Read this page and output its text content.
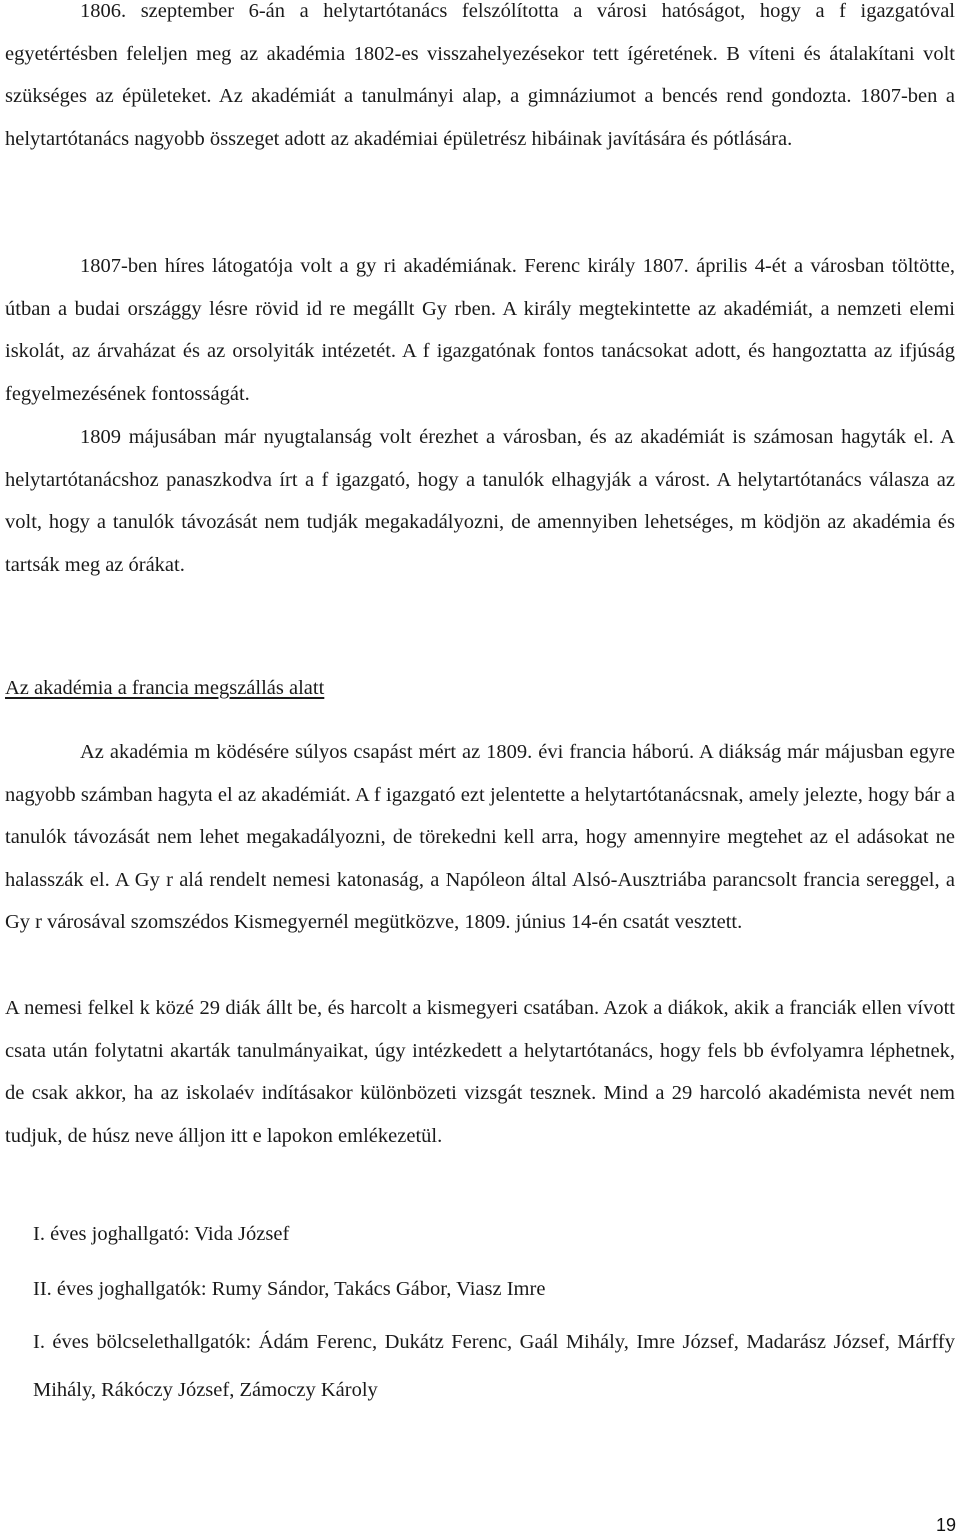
1806. szeptember 6-án a helytartótanács felszólította a városi hatóságot, hogy a f igazgatóval egyetértésben feleljen meg az akadémia 1802-es visszahelyezésekor tett ígéretének. B víteni és átalakítani volt szükséges az épületeket. Az akadémiát a tanulmányi alap, a gimnáziumot a bencés rend gondozta. 1807-ben a helytartótanács nagyobb összeget adott az akadémiai épületrész hibáinak javítására és pótlására.

1807-ben híres látogatója volt a gy ri akadémiának. Ferenc király 1807. április 4-ét a városban töltötte, útban a budai országgy lésre rövid id re megállt Gy rben. A király megtekintette az akadémiát, a nemzeti elemi iskolát, az árvaházat és az orsolyiták intézetét. A f igazgatónak fontos tanácsokat adott, és hangoztatta az ifjúság fegyelmezésének fontosságát.

1809 májusában már nyugtalanság volt érezhet a városban, és az akadémiát is számosan hagyták el. A helytartótanácshoz panaszkodva írt a f igazgató, hogy a tanulók elhagyják a várost. A helytartótanács válasza az volt, hogy a tanulók távozását nem tudják megakadályozni, de amennyiben lehetséges, m ködjön az akadémia és tartsák meg az órákat.

Az akadémia a francia megszállás alatt

Az akadémia m ködésére súlyos csapást mért az 1809. évi francia háború. A diákság már májusban egyre nagyobb számban hagyta el az akadémiát. A f igazgató ezt jelentette a helytartótanácsnak, amely jelezte, hogy bár a tanulók távozását nem lehet megakadályozni, de törekedni kell arra, hogy amennyire megtehet az el adásokat ne halasszák el. A Gy r alá rendelt nemesi katonaság, a Napóleon által Alsó-Ausztriába parancsolt francia sereggel, a Gy r városával szomszédos Kismegyernél megütközve, 1809. június 14-én csatát vesztett.

A nemesi felkel k közé 29 diák állt be, és harcolt a kismegyeri csatában. Azok a diákok, akik a franciák ellen vívott csata után folytatni akarták tanulmányaikat, úgy intézkedett a helytartótanács, hogy fels bb évfolyamra léphetnek, de csak akkor, ha az iskolaév indításakor különbözeti vizsgát tesznek. Mind a 29 harcoló akadémista nevét nem tudjuk, de húsz neve álljon itt e lapokon emlékezetül.

I. éves joghallgató: Vida József

II. éves joghallgatók: Rumy Sándor, Takács Gábor, Viasz Imre

I. éves bölcselethallgatók: Ádám Ferenc, Dukátz Ferenc, Gaál Mihály, Imre József, Madarász József, Márffy Mihály, Rákóczy József, Zámoczy Károly

19
